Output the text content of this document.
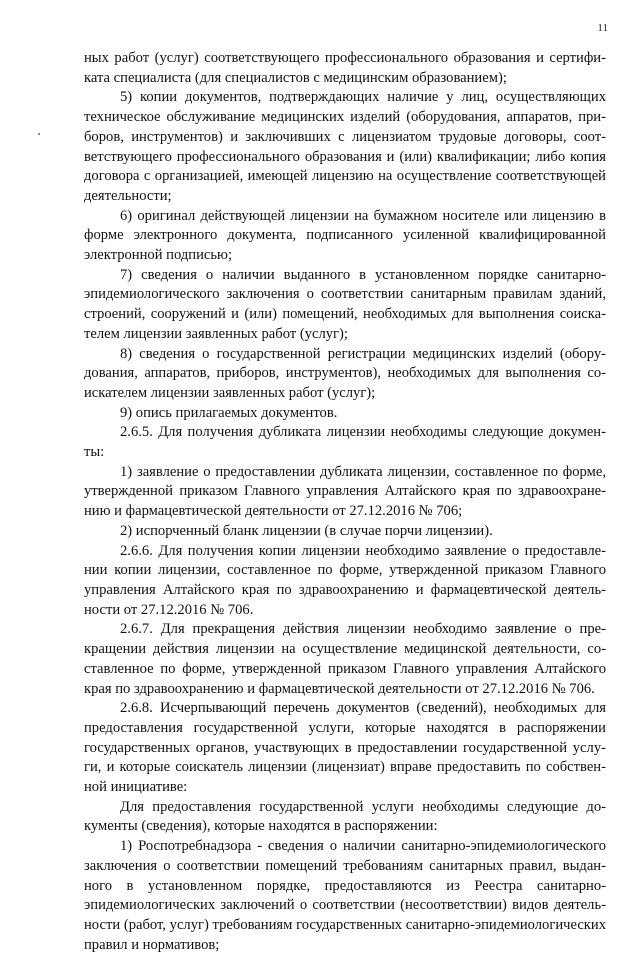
11

ных работ (услуг) соответствующего профессионального образования и сертификата специалиста (для специалистов с медицинским образованием);

5) копии документов, подтверждающих наличие у лиц, осуществляющих техническое обслуживание медицинских изделий (оборудования, аппаратов, приборов, инструментов) и заключивших с лицензиатом трудовые договоры, соответствующего профессионального образования и (или) квалификации; либо копия договора с организацией, имеющей лицензию на осуществление соответствующей деятельности;

6) оригинал действующей лицензии на бумажном носителе или лицензию в форме электронного документа, подписанного усиленной квалифицированной электронной подписью;

7) сведения о наличии выданного в установленном порядке санитарно-эпидемиологического заключения о соответствии санитарным правилам зданий, строений, сооружений и (или) помещений, необходимых для выполнения соискателем лицензии заявленных работ (услуг);

8) сведения о государственной регистрации медицинских изделий (оборудования, аппаратов, приборов, инструментов), необходимых для выполнения соискателем лицензии заявленных работ (услуг);

9) опись прилагаемых документов.

2.6.5. Для получения дубликата лицензии необходимы следующие документы:

1) заявление о предоставлении дубликата лицензии, составленное по форме, утвержденной приказом Главного управления Алтайского края по здравоохранению и фармацевтической деятельности от 27.12.2016 № 706;

2) испорченный бланк лицензии (в случае порчи лицензии).

2.6.6. Для получения копии лицензии необходимо заявление о предоставлении копии лицензии, составленное по форме, утвержденной приказом Главного управления Алтайского края по здравоохранению и фармацевтической деятельности от 27.12.2016 № 706.

2.6.7. Для прекращения действия лицензии необходимо заявление о прекращении действия лицензии на осуществление медицинской деятельности, составленное по форме, утвержденной приказом Главного управления Алтайского края по здравоохранению и фармацевтической деятельности от 27.12.2016 № 706.

2.6.8. Исчерпывающий перечень документов (сведений), необходимых для предоставления государственной услуги, которые находятся в распоряжении государственных органов, участвующих в предоставлении государственной услуги, и которые соискатель лицензии (лицензиат) вправе предоставить по собственной инициативе:

Для предоставления государственной услуги необходимы следующие документы (сведения), которые находятся в распоряжении:

1) Роспотребнадзора - сведения о наличии санитарно-эпидемиологического заключения о соответствии помещений требованиям санитарных правил, выданного в установленном порядке, предоставляются из Реестра санитарно-эпидемиологических заключений о соответствии (несоответствии) видов деятельности (работ, услуг) требованиям государственных санитарно-эпидемиологических правил и нормативов;
